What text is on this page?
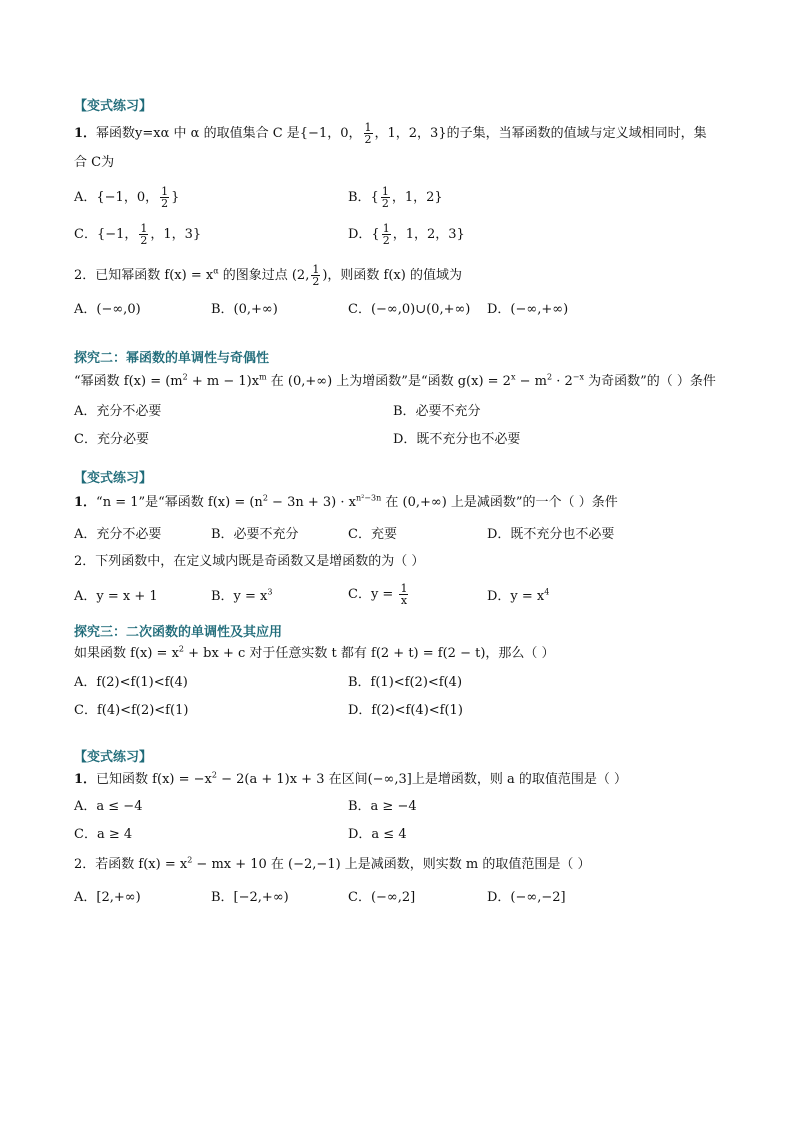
【变式练习】
1．幂函数y=xα 中 α 的取值集合 C 是{−1，0， $\frac{1}{2}$ ，1，2，3}的子集，当幂函数的值域与定义域相同时，集
合 C为
A．{−1，0， $\frac{1}{2}$ }	B．{ $\frac{1}{2}$ ，1，2}
C．{−1， $\frac{1}{2}$ ，1，3}	D．{ $\frac{1}{2}$ ，1，2，3}
2．已知幂函数 $f(x) = x^\alpha$ 的图象过点 (2, $\frac{1}{2}$ )，则函数 f(x) 的值域为
A．(−∞,0)	B．(0,+∞)	C．(−∞,0)∪(0,+∞) D．(−∞,+∞)
探究二：幂函数的单调性与奇偶性
“幂函数 $f(x) = (m^2 + m - 1)x^m$ 在 (0,+∞) 上为增函数”是“函数 $g(x) = 2^x - m^2 \cdot 2^{-x}$ 为奇函数”的（ ）条件
A．充分不必要	B．必要不充分
C．充分必要	D．既不充分也不必要
【变式练习】
1．“n = 1”是“幂函数 $f(x) = (n^2 - 3n + 3) \cdot x^{n^2-3n}$ 在 (0,+∞) 上是减函数”的一个（ ）条件
A．充分不必要	B．必要不充分	C．充要	D．既不充分也不必要
2．下列函数中，在定义域内既是奇函数又是增函数的为（ ）
A．y = x + 1	B．$y = x^3$	C．$y = \frac{1}{x}$	D．$y = x^4$
探究三：二次函数的单调性及其应用
如果函数 $f(x) = x^2$ + bx + c 对于任意实数 t 都有 f(2 + t) = f(2 − t)，那么（ ）
A．f(2)<f(1)<f(4)	B．f(1)<f(2)<f(4)
C．f(4)<f(2)<f(1)	D．f(2)<f(4)<f(1)
【变式练习】
1．已知函数 $f(x) = -x^2 - 2(a + 1)x + 3$ 在区间(−∞,3]上是增函数，则 a 的取值范围是（ ）
A．a ≤ −4	B．a ≥ −4
C．a ≥ 4	D．a ≤ 4
2．若函数 $f(x) = x^2$ − mx + 10 在 (−2,−1) 上是减函数，则实数 m 的取值范围是（ ）
A．[2,+∞)	B．[−2,+∞)	C．(−∞,2]	D．(−∞,−2]
